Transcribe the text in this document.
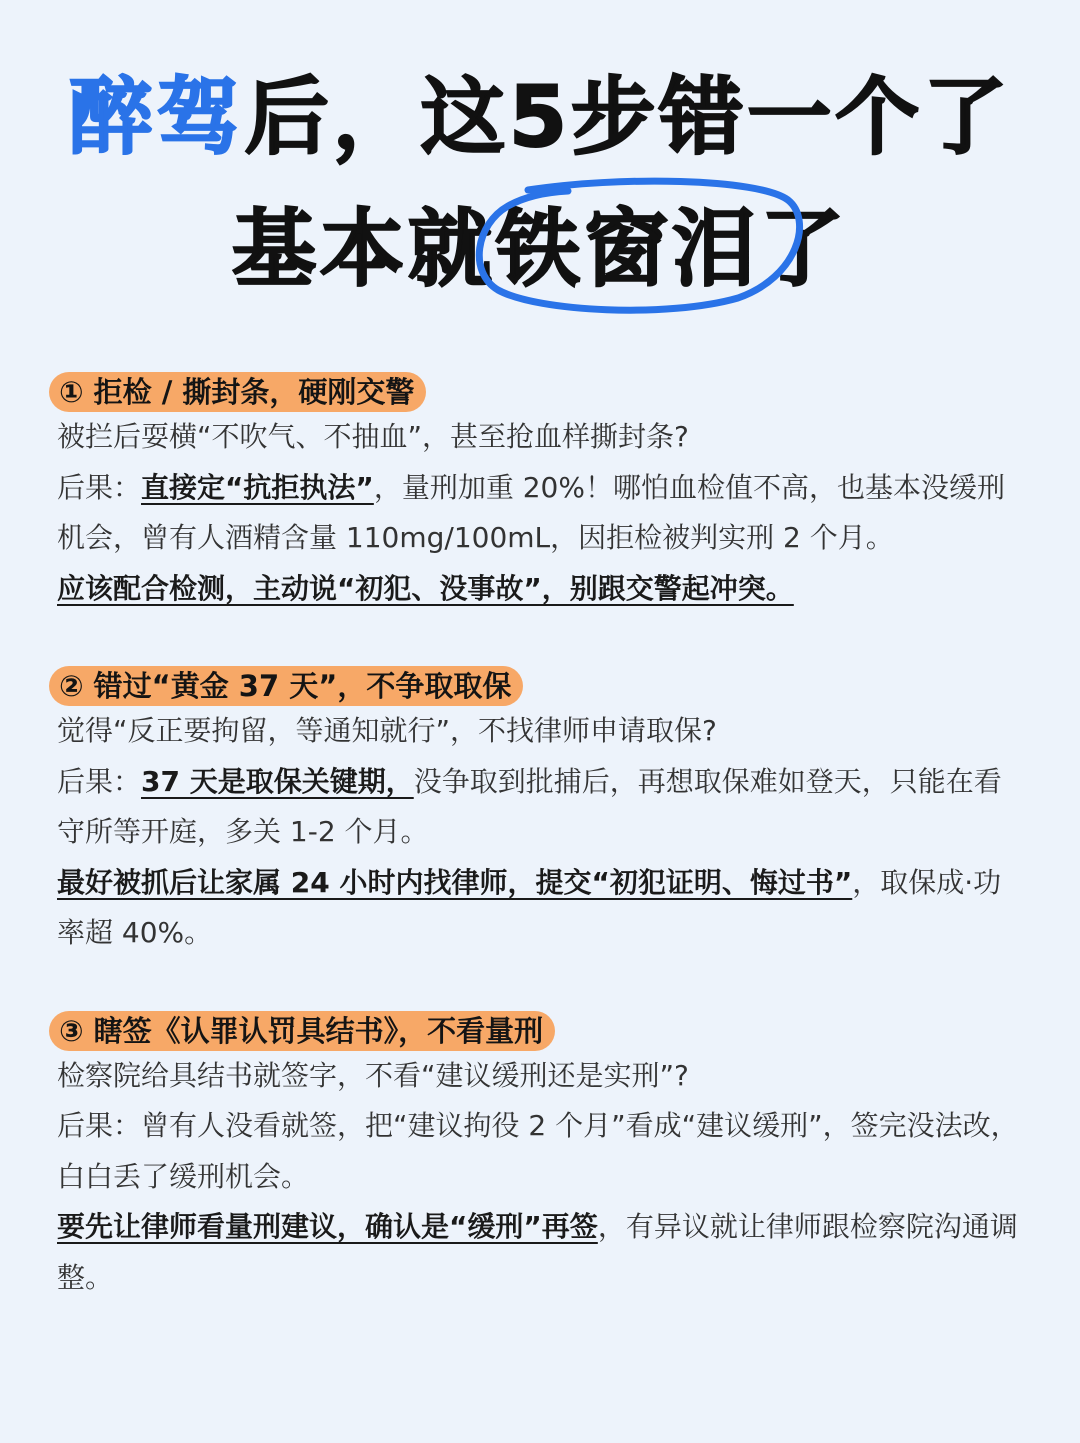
醉驾后，这5步错一个了
基本就
铁窗泪了
① 拒检 / 撕封条，硬刚交警

被拦后耍横“不吹气、不抽血”，甚至抢血样撕封条?

后果：直接定“抗拒执法”，量刑加重 20%！哪怕血检值不高，也基本没缓刑机会，曾有人酒精含量 110mg/100mL，因拒检被判实刑 2 个月。

应该配合检测，主动说“初犯、没事故”，别跟交警起冲突。

② 错过“黄金 37 天”，不争取取保

觉得“反正要拘留，等通知就行”，不找律师申请取保?

后果：37 天是取保关键期，没争取到批捕后，再想取保难如登天，只能在看守所等开庭，多关 1-2 个月。

最好被抓后让家属 24 小时内找律师，提交“初犯证明、悔过书”，取保成·功率超 40%。

③ 瞎签《认罪认罚具结书》，不看量刑

检察院给具结书就签字，不看“建议缓刑还是实刑”?

后果：曾有人没看就签，把“建议拘役 2 个月”看成“建议缓刑”，签完没法改，白白丢了缓刑机会。

要先让律师看量刑建议，确认是“缓刑”再签，有异议就让律师跟检察院沟通调整。
